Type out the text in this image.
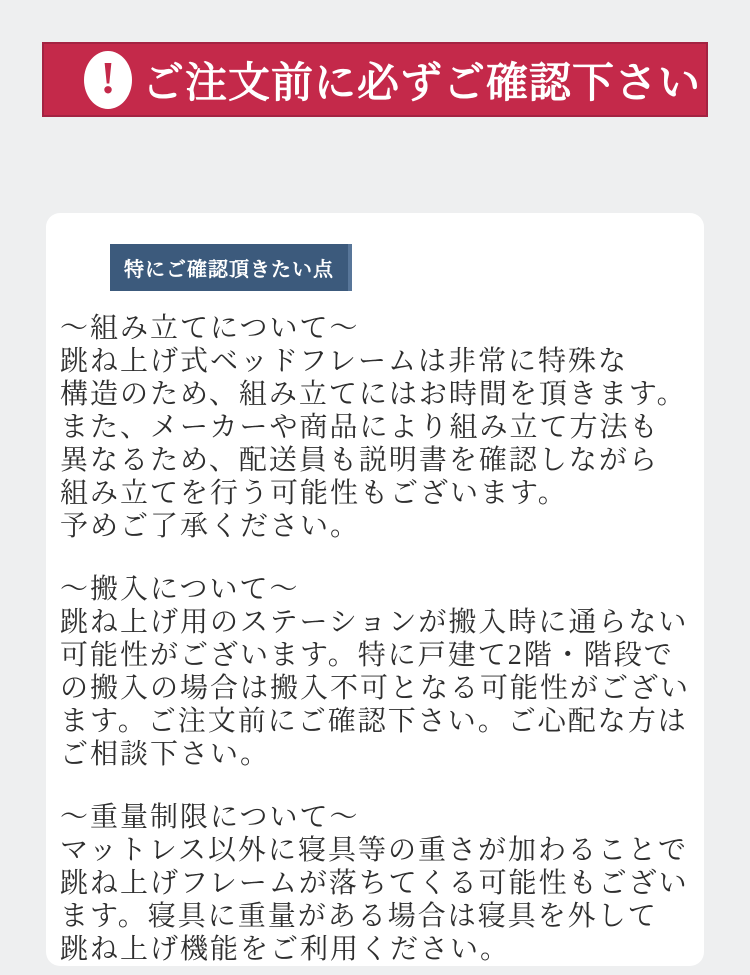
! ご注文前に必ずご確認下さい
特にご確認頂きたい点
～組み立てについて～
跳ね上げ式ベッドフレームは非常に特殊な
構造のため、組み立てにはお時間を頂きます。
また、メーカーや商品により組み立て方法も
異なるため、配送員も説明書を確認しながら
組み立てを行う可能性もございます。
予めご了承ください。
～搬入について～
跳ね上げ用のステーションが搬入時に通らない
可能性がございます。特に戸建て2階・階段で
の搬入の場合は搬入不可となる可能性がござい
ます。ご注文前にご確認下さい。ご心配な方は
ご相談下さい。
～重量制限について～
マットレス以外に寝具等の重さが加わることで
跳ね上げフレームが落ちてくる可能性もござい
ます。寝具に重量がある場合は寝具を外して
跳ね上げ機能をご利用ください。
